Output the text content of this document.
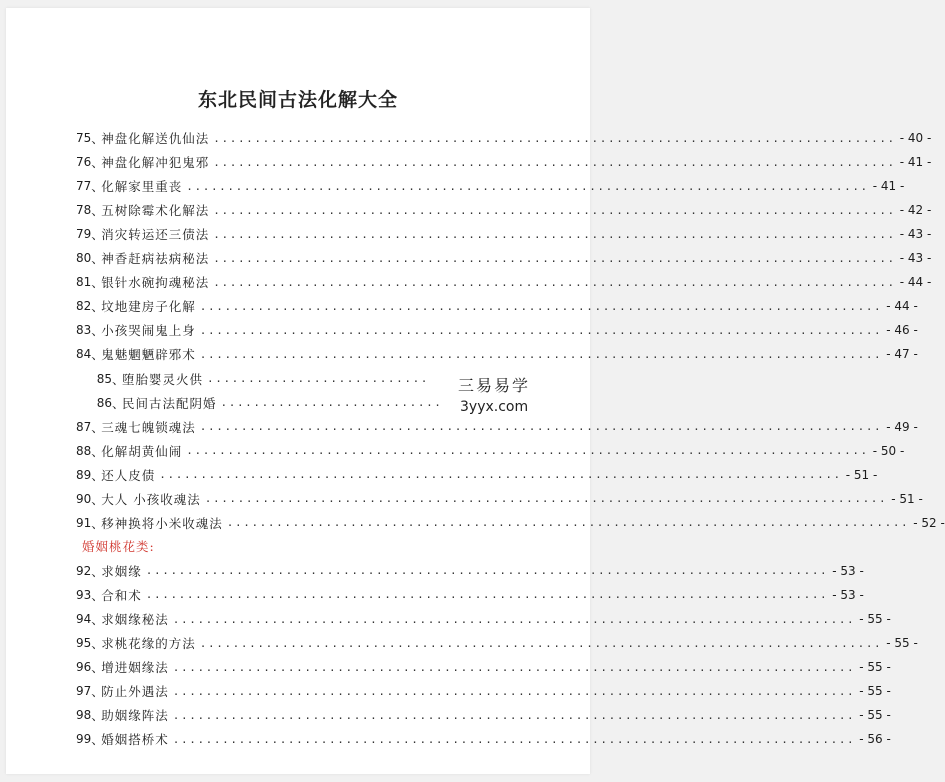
东北民间古法化解大全
75 、
神盘化解送仇仙法 ................................................................................... - 40 -
76 、
神盘化解冲犯鬼邪 ................................................................................... - 41 -
77 、
化解家里重丧 ................................................................................... - 41 -
78 、
五树除霉术化解法 ................................................................................... - 42 -
79 、
消灾转运还三债法 ................................................................................... - 43 -
80 、
神香赶病祛病秘法 ................................................................................... - 43 -
81 、
银针水碗拘魂秘法 ................................................................................... - 44 -
82 、
坟地建房子化解 ................................................................................... - 44 -
83 、
小孩哭闹鬼上身 ................................................................................... - 46 -
84 、
鬼魅魍魉辟邪术 ................................................................................... - 47 -
85 、
堕胎婴灵火供 ...........................
86 、
民间古法配阴婚 ...........................
87 、
三魂七魄锁魂法 ................................................................................... - 49 -
88 、
化解胡黄仙闹 ................................................................................... - 50 -
89 、
还人皮债 ................................................................................... - 51 -
90 、
大人 小孩收魂法 ................................................................................... - 51 -
91 、
移神换将小米收魂法 ................................................................................... - 52 -
婚姻桃花类:
92 、
求姻缘 ................................................................................... - 53 -
93 、
合和术 ................................................................................... - 53 -
94 、
求姻缘秘法 ................................................................................... - 55 -
95 、
求桃花缘的方法 ................................................................................... - 55 -
96 、
增进姻缘法 ................................................................................... - 55 -
97 、
防止外遇法 ................................................................................... - 55 -
98 、
助姻缘阵法 ................................................................................... - 55 -
99 、
婚姻搭桥术 ................................................................................... - 56 -
三易易学
3yyx.com
